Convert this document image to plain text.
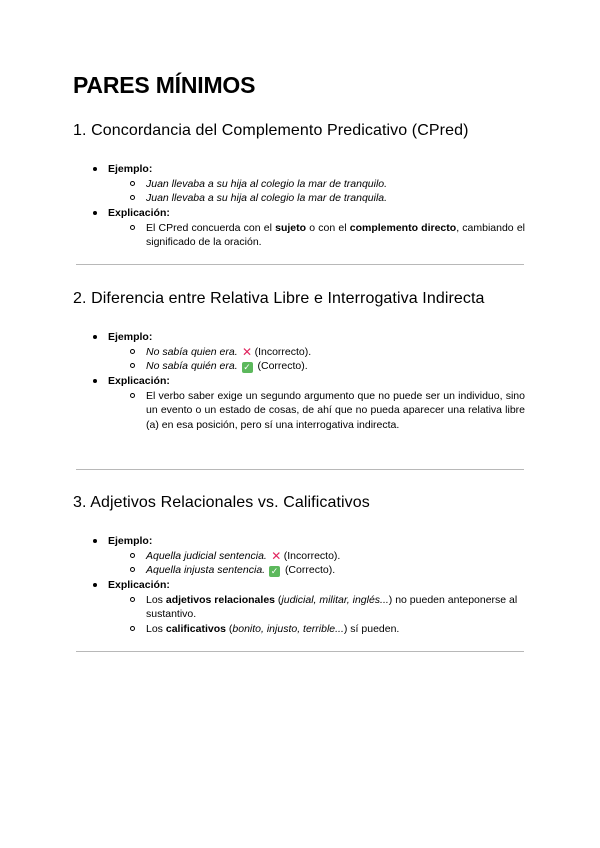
PARES MÍNIMOS
1. Concordancia del Complemento Predicativo (CPred)
Ejemplo:
Juan llevaba a su hija al colegio la mar de tranquilo.
Juan llevaba a su hija al colegio la mar de tranquila.
Explicación:
El CPred concuerda con el sujeto o con el complemento directo, cambiando el significado de la oración.
2. Diferencia entre Relativa Libre e Interrogativa Indirecta
Ejemplo:
No sabía quien era. ✕ (Incorrecto).
No sabía quién era. ✓ (Correcto).
Explicación:
El verbo saber exige un segundo argumento que no puede ser un individuo, sino un evento o un estado de cosas, de ahí que no pueda aparecer una relativa libre (a) en esa posición, pero sí una interrogativa indirecta.
3. Adjetivos Relacionales vs. Calificativos
Ejemplo:
Aquella judicial sentencia. ✕ (Incorrecto).
Aquella injusta sentencia. ✓ (Correcto).
Explicación:
Los adjetivos relacionales (judicial, militar, inglés...) no pueden anteponerse al sustantivo.
Los calificativos (bonito, injusto, terrible...) sí pueden.
